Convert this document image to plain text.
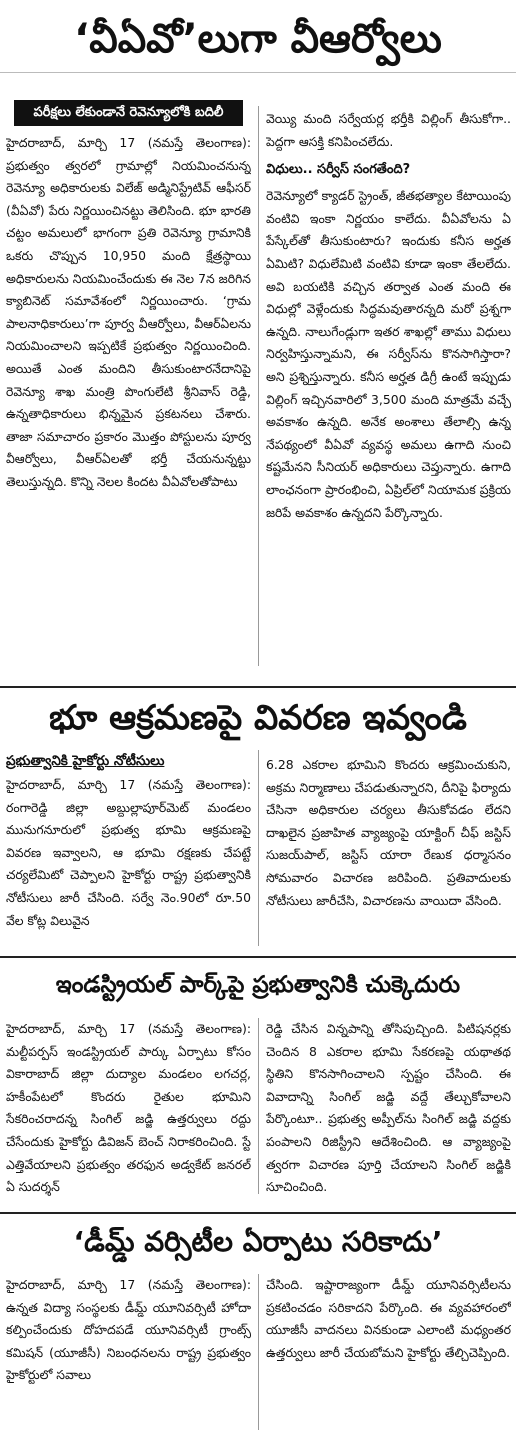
‘వీఏవో’లుగా వీఆర్వోలు
పరీక్షలు లేకుండానే రెవెన్యూలోకి బదిలీ

హైదరాబాద్, మార్చి 17 (నమస్తే తెలంగాణ): ప్రభుత్వం త్వరలో గ్రామాల్లో నియమించనున్న రెవెన్యూ అధికారులకు విలేజ్ అడ్మినిస్ట్రేటివ్ ఆఫీసర్ (వీఏవో) పేరు నిర్ణయించినట్టు తెలిసింది. భూ భారతి చట్టం అమలులో భాగంగా ప్రతి రెవెన్యూ గ్రామానికి ఒకరు చొప్పున 10,950 మంది క్షేత్రస్థాయి అధికారులను నియమించేందుకు ఈ నెల 7న జరిగిన క్యాబినెట్ సమావేశంలో నిర్ణయించారు. ‘గ్రామ పాలనాధికారులు’గా పూర్వ వీఆర్వోలు, వీఆర్‌ఏలను నియమించాలని ఇప్పటికే ప్రభుత్వం నిర్ణయించింది. అయితే ఎంత మందిని తీసుకుంటారనేదానిపై రెవెన్యూ శాఖ మంత్రి పొంగులేటి శ్రీనివాస్ రెడ్డి, ఉన్నతాధికారులు భిన్నమైన ప్రకటనలు చేశారు. తాజా సమాచారం ప్రకారం మొత్తం పోస్టులను పూర్వ వీఆర్వోలు, వీఆర్‌ఏలతో భర్తీ చేయనున్నట్టు తెలుస్తున్నది. కొన్ని నెలల కిందట వీఏవోలతోపాటు

వెయ్యి మంది సర్వేయర్ల భర్తీకి విల్లింగ్ తీసుకోగా.. పెద్దగా ఆసక్తి కనిపించలేదు.

విధులు.. సర్వీస్ సంగతేంది?

రెవెన్యూలో క్యాడర్ స్ట్రెంత్, జీతభత్యాల కేటాయింపు వంటివి ఇంకా నిర్ణయం కాలేదు. వీఏవోలను ఏ పేస్కేల్‌తో తీసుకుంటారు? ఇందుకు కనీస అర్హత ఏమిటి? విధులేమిటి వంటివి కూడా ఇంకా తేలలేదు. అవి బయటికి వచ్చిన తర్వాత ఎంత మంది ఈ విధుల్లో వెళ్లేందుకు సిద్ధమవుతారన్నది మరో ప్రశ్నగా ఉన్నది. నాలుగేండ్లుగా ఇతర శాఖల్లో తాము విధులు నిర్వహిస్తున్నామని, ఈ సర్వీస్‌ను కొనసాగిస్తారా? అని ప్రశ్నిస్తున్నారు. కనీస అర్హత డిగ్రీ ఉంటే ఇప్పుడు విల్లింగ్ ఇచ్చినవారిలో 3,500 మంది మాత్రమే వచ్చే అవకాశం ఉన్నది. అనేక అంశాలు తేలాల్సి ఉన్న నేపథ్యంలో వీఏవో వ్యవస్థ అమలు ఉగాది నుంచి కష్టమేనని సీనియర్ అధికారులు చెప్తున్నారు. ఉగాది లాంఛనంగా ప్రారంభించి, ఏప్రిల్‌లో నియామక ప్రక్రియ జరిపే అవకాశం ఉన్నదని పేర్కొన్నారు.

భూ ఆక్రమణపై వివరణ ఇవ్వండి
ప్రభుత్వానికి హైకోర్టు నోటీసులు

హైదరాబాద్, మార్చి 17 (నమస్తే తెలంగాణ): రంగారెడ్డి జిల్లా అబ్దుల్లాపూర్‌మెట్ మండలం మునుగనూరులో ప్రభుత్వ భూమి ఆక్రమణపై వివరణ ఇవ్వాలని, ఆ భూమి రక్షణకు చేపట్టే చర్యలేమిటో చెప్పాలని హైకోర్టు రాష్ట్ర ప్రభుత్వానికి నోటీసులు జారీ చేసింది. సర్వే నెం.90లో రూ.50 వేల కోట్ల విలువైన

6.28 ఎకరాల భూమిని కొందరు ఆక్రమించుకుని, అక్రమ నిర్మాణాలు చేపడుతున్నారని, దీనిపై ఫిర్యాదు చేసినా అధికారుల చర్యలు తీసుకోవడం లేదని దాఖలైన ప్రజాహిత వ్యాజ్యంపై యాక్టింగ్ చీఫ్ జస్టిస్ సుజయ్‌పాల్, జస్టిస్ యారా రేణుక ధర్మాసనం సోమవారం విచారణ జరిపింది. ప్రతివాదులకు నోటీసులు జారీచేసి, విచారణను వాయిదా వేసింది.

ఇండస్ట్రియల్ పార్క్‌పై ప్రభుత్వానికి చుక్కెదురు

హైదరాబాద్, మార్చి 17 (నమస్తే తెలంగాణ): మల్టీపర్పస్ ఇండస్ట్రియల్ పార్కు ఏర్పాటు కోసం వికారాబాద్ జిల్లా దుద్యాల మండలం లగచర్ల, హకీంపేటలో కొందరు రైతుల భూమిని సేకరించరాదన్న సింగిల్ జడ్జి ఉత్తర్వులు రద్దు చేసేందుకు హైకోర్టు డివిజన్ బెంచ్ నిరాకరించింది. స్టే ఎత్తివేయాలని ప్రభుత్వం తరఫున అడ్వకేట్ జనరల్ ఏ సుదర్శన్

రెడ్డి చేసిన విన్నపాన్ని తోసిపుచ్చింది. పిటిషనర్లకు చెందిన 8 ఎకరాల భూమి సేకరణపై యథాతథ స్థితిని కొనసాగించాలని స్పష్టం చేసింది. ఈ వివాదాన్ని సింగిల్ జడ్జి వద్దే తేల్చుకోవాలని పేర్కొంటూ.. ప్రభుత్వ అప్పీల్‌ను సింగిల్ జడ్జి వద్దకు పంపాలని రిజిస్ట్రీని ఆదేశించింది. ఆ వ్యాజ్యంపై త్వరగా విచారణ పూర్తి చేయాలని సింగిల్ జడ్జికి సూచించింది.

‘డీమ్డ్ వర్సిటీల ఏర్పాటు సరికాదు’

హైదరాబాద్, మార్చి 17 (నమస్తే తెలంగాణ): ఉన్నత విద్యా సంస్థలకు డీమ్డ్ యూనివర్సిటీ హోదా కల్పించేందుకు దోహదపడే యూనివర్సిటీ గ్రాంట్స్ కమిషన్ (యూజీసీ) నిబంధనలను రాష్ట్ర ప్రభుత్వం హైకోర్టులో సవాలు

చేసింది. ఇష్టారాజ్యంగా డీమ్డ్ యూనివర్సిటీలను ప్రకటించడం సరికాదని పేర్కొంది. ఈ వ్యవహారంలో యూజీసీ వాదనలు వినకుండా ఎలాంటి మధ్యంతర ఉత్తర్వులు జారీ చేయబోమని హైకోర్టు తేల్చిచెప్పింది.
